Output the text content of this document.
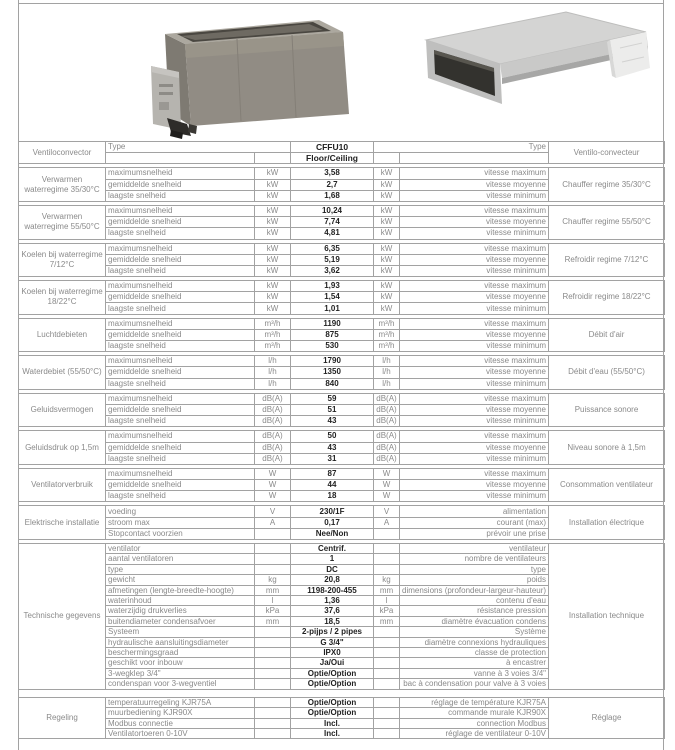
Ventiloconvector	Type		CFFU10	Type		Ventilo-convecteur
			Floor/Ceiling			
Verwarmen waterregime 35/30°C	maximumsnelheid	kW	3,58	kW	vitesse maximum	Chauffer regime 35/30°C
	gemiddelde snelheid	kW	2,7	kW	vitesse moyenne	
	laagste snelheid	kW	1,68	kW	vitesse minimum	
Verwarmen waterregime 55/50°C	maximumsnelheid	kW	10,24	kW	vitesse maximum	Chauffer regime 55/50°C
	gemiddelde snelheid	kW	7,74	kW	vitesse moyenne	
	laagste snelheid	kW	4,81	kW	vitesse minimum	
Koelen bij waterregime 7/12°C	maximumsnelheid	kW	6,35	kW	vitesse maximum	Refroidir regime 7/12°C
	gemiddelde snelheid	kW	5,19	kW	vitesse moyenne	
	laagste snelheid	kW	3,62	kW	vitesse minimum	
Koelen bij waterregime 18/22°C	maximumsnelheid	kW	1,93	kW	vitesse maximum	Refroidir regime 18/22°C
	gemiddelde snelheid	kW	1,54	kW	vitesse moyenne	
	laagste snelheid	kW	1,01	kW	vitesse minimum	
Luchtdebieten	maximumsnelheid	m³/h	1190	m³/h	vitesse maximum	Débit d'air
	gemiddelde snelheid	m³/h	875	m³/h	vitesse moyenne	
	laagste snelheid	m³/h	530	m³/h	vitesse minimum	
Waterdebiet (55/50°C)	maximumsnelheid	l/h	1790	l/h	vitesse maximum	Débit d'eau (55/50°C)
	gemiddelde snelheid	l/h	1350	l/h	vitesse moyenne	
	laagste snelheid	l/h	840	l/h	vitesse minimum	
Geluidsvermogen	maximumsnelheid	dB(A)	59	dB(A)	vitesse maximum	Puissance sonore
	gemiddelde snelheid	dB(A)	51	dB(A)	vitesse moyenne	
	laagste snelheid	dB(A)	43	dB(A)	vitesse minimum	
Geluidsdruk op 1,5m	maximumsnelheid	dB(A)	50	dB(A)	vitesse maximum	Niveau sonore à 1,5m
	gemiddelde snelheid	dB(A)	43	dB(A)	vitesse moyenne	
	laagste snelheid	dB(A)	31	dB(A)	vitesse minimum	
Ventilatorverbruik	maximumsnelheid	W	87	W	vitesse maximum	Consommation ventilateur
	gemiddelde snelheid	W	44	W	vitesse moyenne	
	laagste snelheid	W	18	W	vitesse minimum	
Elektrische installatie	voeding	V	230/1F	V	alimentation	Installation électrique
	stroom max	A	0,17	A	courant (max)	
	Stopcontact voorzien		Nee/Non		prévoir une prise	
Technische gegevens	ventilator		Centrif.		ventilateur	Installation technique
	aantal ventilatoren		1		nombre de ventilateurs	
	type		DC		type	
	gewicht	kg	20,8	kg	poids	
	afmetingen (lengte-breedte-hoogte)	mm	1198-200-455	mm	dimensions (profondeur-largeur-hauteur)	
	waterinhoud	l	1,36	l	contenu d'eau	
	waterzijdig drukverlies	kPa	37,6	kPa	résistance pression	
	buitendiameter condensafvoer	mm	18,5	mm	diamètre évacuation condens	
	Systeem		2-pijps / 2 pipes		Système	
	hydraulische aansluitingsdiameter		G 3/4"		diamètre connexions hydrauliques	
	beschermingsgraad		IPX0		classe de protection	
	geschikt voor inbouw		Ja/Oui		à encastrer	
	3-wegklep 3/4"		Optie/Option		vanne à 3 voies 3/4"	
	condenspan voor 3-wegventiel		Optie/Option		bac à condensation pour valve à 3 voies	
Regeling	temperatuurregeling KJR75A		Optie/Option		réglage de température KJR75A	Réglage
	muurbediening KJR90X		Optie/Option		commande murale KJR90X	
	Modbus connectie		Incl.		connection Modbus	
	Ventilatortoeren 0-10V		Incl.		réglage de ventilateur 0-10V	
